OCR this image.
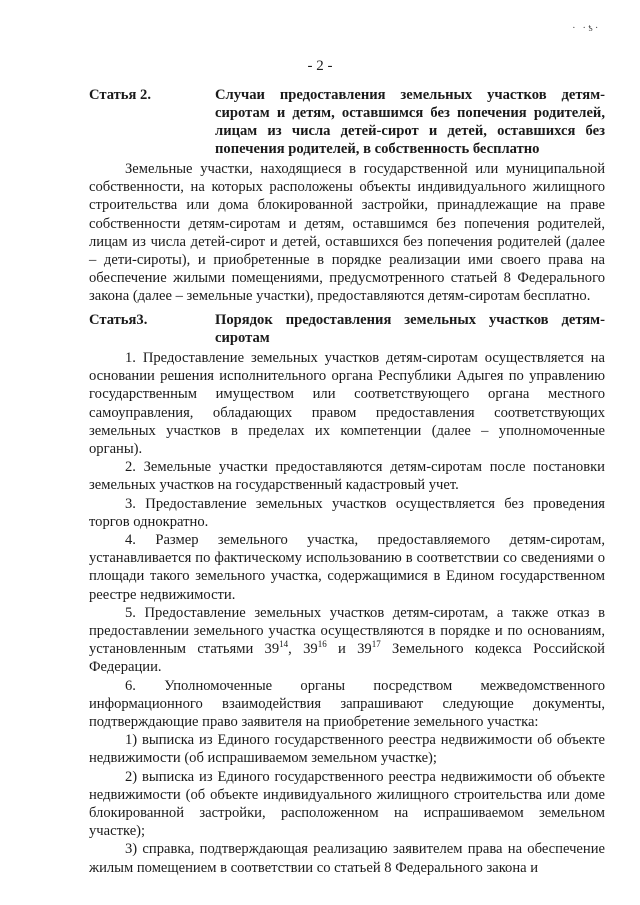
· ·ƾ·
- 2 -
Статья 2.	Случаи предоставления земельных участков детям-сиротам и детям, оставшимся без попечения родителей, лицам из числа детей-сирот и детей, оставшихся без попечения родителей, в собственность бесплатно

Земельные участки, находящиеся в государственной или муниципальной собственности, на которых расположены объекты индивидуального жилищного строительства или дома блокированной застройки, принадлежащие на праве собственности детям-сиротам и детям, оставшимся без попечения родителей, лицам из числа детей-сирот и детей, оставшихся без попечения родителей (далее – дети-сироты), и приобретенные в порядке реализации ими своего права на обеспечение жилыми помещениями, предусмотренного статьей 8 Федерального закона (далее – земельные участки), предоставляются детям-сиротам бесплатно.

Статья3.	Порядок предоставления земельных участков детям-сиротам

1. Предоставление земельных участков детям-сиротам осуществляется на основании решения исполнительного органа Республики Адыгея по управлению государственным имуществом или соответствующего органа местного самоуправления, обладающих правом предоставления соответствующих земельных участков в пределах их компетенции (далее – уполномоченные органы).

2. Земельные участки предоставляются детям-сиротам после постановки земельных участков на государственный кадастровый учет.

3. Предоставление земельных участков осуществляется без проведения торгов однократно.

4. Размер земельного участка, предоставляемого детям-сиротам, устанавливается по фактическому использованию в соответствии со сведениями о площади такого земельного участка, содержащимися в Едином государственном реестре недвижимости.

5. Предоставление земельных участков детям-сиротам, а также отказ в предоставлении земельного участка осуществляются в порядке и по основаниям, установленным статьями $39^{14}$, $39^{16}$ и $39^{17}$ Земельного кодекса Российской Федерации.

6. Уполномоченные органы посредством межведомственного информационного взаимодействия запрашивают следующие документы, подтверждающие право заявителя на приобретение земельного участка:

1) выписка из Единого государственного реестра недвижимости об объекте недвижимости (об испрашиваемом земельном участке);

2) выписка из Единого государственного реестра недвижимости об объекте недвижимости (об объекте индивидуального жилищного строительства или доме блокированной застройки, расположенном на испрашиваемом земельном участке);

3) справка, подтверждающая реализацию заявителем права на обеспечение жилым помещением в соответствии со статьей 8 Федерального закона и
